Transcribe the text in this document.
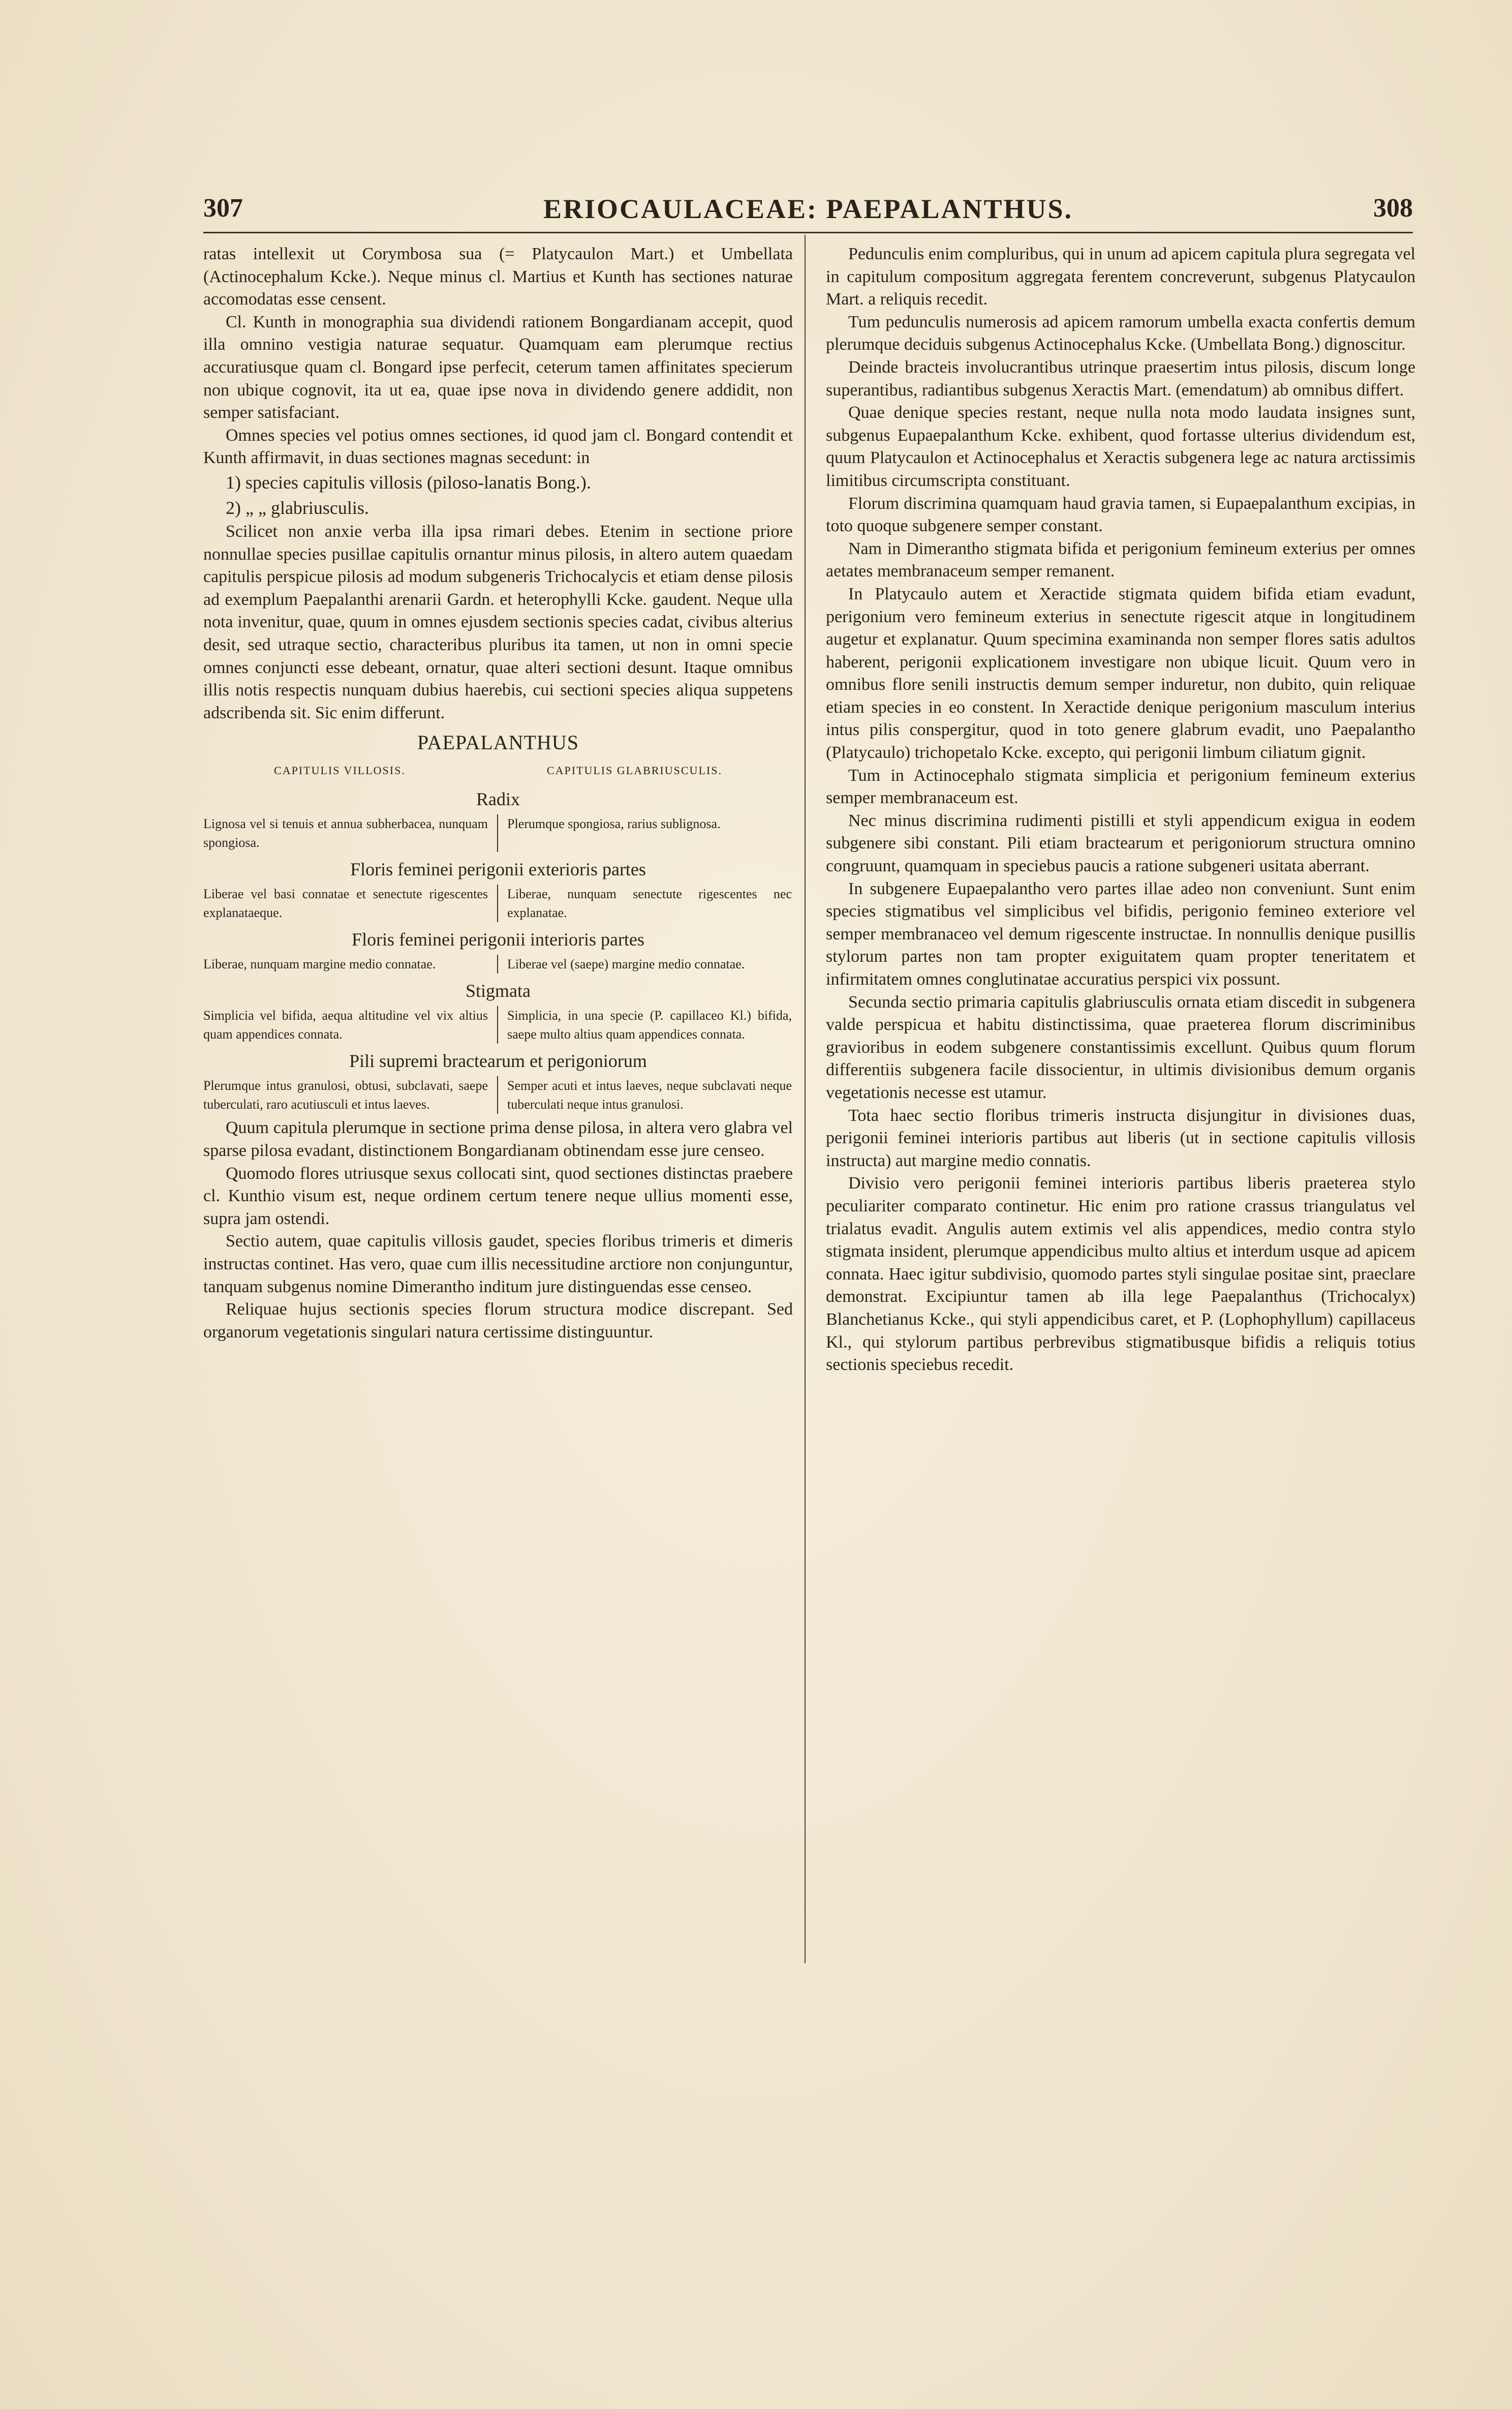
307	ERIOCAULACEAE: PAEPALANTHUS.	308

ratas intellexit ut Corymbosa sua (= Platycaulon Mart.) et Umbellata (Actinocephalum Kcke.). Neque minus cl. Martius et Kunth has sectiones naturae accomodatas esse censent.

Cl. Kunth in monographia sua dividendi rationem Bongardianam accepit, quod illa omnino vestigia naturae sequatur. Quamquam eam plerumque rectius accuratiusque quam cl. Bongard ipse perfecit, ceterum tamen affinitates specierum non ubique cognovit, ita ut ea, quae ipse nova in dividendo genere addidit, non semper satisfaciant.

Omnes species vel potius omnes sectiones, id quod jam cl. Bongard contendit et Kunth affirmavit, in duas sectiones magnas secedunt: in

1) species capitulis villosis (piloso-lanatis Bong.).

2) „ „ glabriusculis.

Scilicet non anxie verba illa ipsa rimari debes. Etenim in sectione priore nonnullae species pusillae capitulis ornantur minus pilosis, in altero autem quaedam capitulis perspicue pilosis ad modum subgeneris Trichocalycis et etiam dense pilosis ad exemplum Paepalanthi arenarii Gardn. et heterophylli Kcke. gaudent. Neque ulla nota invenitur, quae, quum in omnes ejusdem sectionis species cadat, civibus alterius desit, sed utraque sectio, characteribus pluribus ita tamen, ut non in omni specie omnes conjuncti esse debeant, ornatur, quae alteri sectioni desunt. Itaque omnibus illis notis respectis nunquam dubius haerebis, cui sectioni species aliqua suppetens adscribenda sit. Sic enim differunt.

PAEPALANTHUS
CAPITULIS VILLOSIS.	CAPITULIS GLABRIUSCULIS.
Radix
Lignosa vel si tenuis et annua subherbacea, nunquam spongiosa.
Plerumque spongiosa, rarius sublignosa.
Floris feminei perigonii exterioris partes
Liberae vel basi connatae et senectute rigescentes explanataeque.
Liberae, nunquam senectute rigescentes nec explanatae.
Floris feminei perigonii interioris partes
Liberae, nunquam margine medio connatae.	Liberae vel (saepe) margine medio connatae.
Stigmata
Simplicia vel bifida, aequa altitudine vel vix altius quam appendices connata.
Simplicia, in una specie (P. capillaceo Kl.) bifida, saepe multo altius quam appendices connata.
Pili supremi bractearum et perigoniorum
Plerumque intus granulosi, obtusi, subclavati, saepe tuberculati, raro acutiusculi et intus laeves.
Semper acuti et intus laeves, neque subclavati neque tuberculati neque intus granulosi.

Quum capitula plerumque in sectione prima dense pilosa, in altera vero glabra vel sparse pilosa evadant, distinctionem Bongardianam obtinendam esse jure censeo.

Quomodo flores utriusque sexus collocati sint, quod sectiones distinctas praebere cl. Kunthio visum est, neque ordinem certum tenere neque ullius momenti esse, supra jam ostendi.

Sectio autem, quae capitulis villosis gaudet, species floribus trimeris et dimeris instructas continet. Has vero, quae cum illis necessitudine arctiore non conjunguntur, tanquam subgenus nomine Dimerantho inditum jure distinguendas esse censeo.

Reliquae hujus sectionis species florum structura modice discrepant. Sed organorum vegetationis singulari natura certissime distinguuntur.

Pedunculis enim compluribus, qui in unum ad apicem capitula plura segregata vel in capitulum compositum aggregata ferentem concreverunt, subgenus Platycaulon Mart. a reliquis recedit.

Tum pedunculis numerosis ad apicem ramorum umbella exacta confertis demum plerumque deciduis subgenus Actinocephalus Kcke. (Umbellata Bong.) dignoscitur.

Deinde bracteis involucrantibus utrinque praesertim intus pilosis, discum longe superantibus, radiantibus subgenus Xeractis Mart. (emendatum) ab omnibus differt.

Quae denique species restant, neque nulla nota modo laudata insignes sunt, subgenus Eupaepalanthum Kcke. exhibent, quod fortasse ulterius dividendum est, quum Platycaulon et Actinocephalus et Xeractis subgenera lege ac natura arctissimis limitibus circumscripta constituant.

Florum discrimina quamquam haud gravia tamen, si Eupaepalanthum excipias, in toto quoque subgenere semper constant.

Nam in Dimerantho stigmata bifida et perigonium femineum exterius per omnes aetates membranaceum semper remanent.

In Platycaulo autem et Xeractide stigmata quidem bifida etiam evadunt, perigonium vero femineum exterius in senectute rigescit atque in longitudinem augetur et explanatur. Quum specimina examinanda non semper flores satis adultos haberent, perigonii explicationem investigare non ubique licuit. Quum vero in omnibus flore senili instructis demum semper induretur, non dubito, quin reliquae etiam species in eo constent. In Xeractide denique perigonium masculum interius intus pilis conspergitur, quod in toto genere glabrum evadit, uno Paepalantho (Platycaulo) trichopetalo Kcke. excepto, qui perigonii limbum ciliatum gignit.

Tum in Actinocephalo stigmata simplicia et perigonium femineum exterius semper membranaceum est.

Nec minus discrimina rudimenti pistilli et styli appendicum exigua in eodem subgenere sibi constant. Pili etiam bractearum et perigoniorum structura omnino congruunt, quamquam in speciebus paucis a ratione subgeneri usitata aberrant.

In subgenere Eupaepalantho vero partes illae adeo non conveniunt. Sunt enim species stigmatibus vel simplicibus vel bifidis, perigonio femineo exteriore vel semper membranaceo vel demum rigescente instructae. In nonnullis denique pusillis stylorum partes non tam propter exiguitatem quam propter teneritatem et infirmitatem omnes conglutinatae accuratius perspici vix possunt.

Secunda sectio primaria capitulis glabriusculis ornata etiam discedit in subgenera valde perspicua et habitu distinctissima, quae praeterea florum discriminibus gravioribus in eodem subgenere constantissimis excellunt. Quibus quum florum differentiis subgenera facile dissocientur, in ultimis divisionibus demum organis vegetationis necesse est utamur.

Tota haec sectio floribus trimeris instructa disjungitur in divisiones duas, perigonii feminei interioris partibus aut liberis (ut in sectione capitulis villosis instructa) aut margine medio connatis.

Divisio vero perigonii feminei interioris partibus liberis praeterea stylo peculiariter comparato continetur. Hic enim pro ratione crassus triangulatus vel trialatus evadit. Angulis autem extimis vel alis appendices, medio contra stylo stigmata insident, plerumque appendicibus multo altius et interdum usque ad apicem connata. Haec igitur subdivisio, quomodo partes styli singulae positae sint, praeclare demonstrat. Excipiuntur tamen ab illa lege Paepalanthus (Trichocalyx) Blanchetianus Kcke., qui styli appendicibus caret, et P. (Lophophyllum) capillaceus Kl., qui stylorum partibus perbrevibus stigmatibusque bifidis a reliquis totius sectionis speciebus recedit.
